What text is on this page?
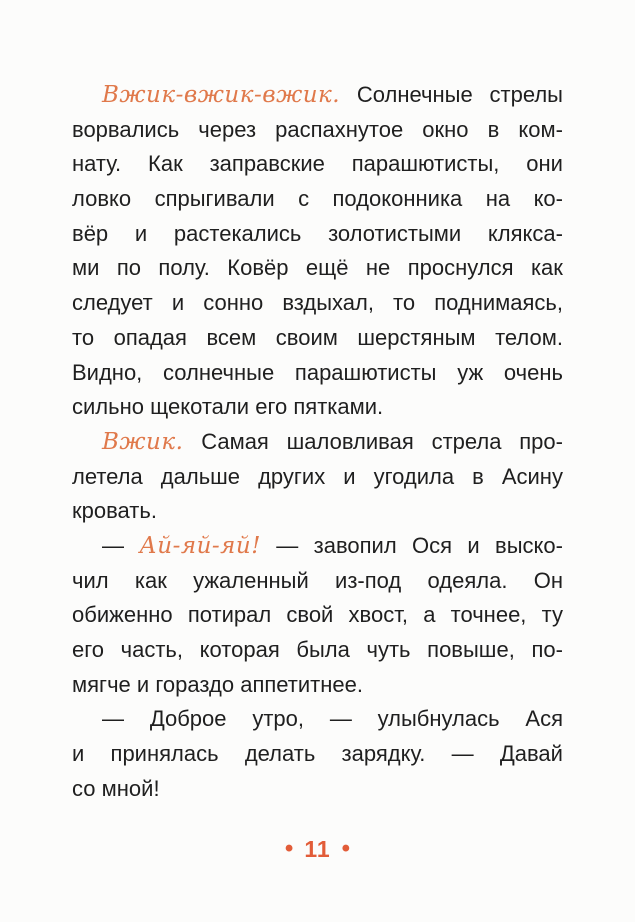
Вжик-вжик-вжик. Солнечные стрелы
ворвались через распахнутое окно в ком-
нату. Как заправские парашютисты, они
ловко спрыгивали с подоконника на ко-
вёр и растекались золотистыми клякса-
ми по полу. Ковёр ещё не проснулся как
следует и сонно вздыхал, то поднимаясь,
то опадая всем своим шерстяным телом.
Видно, солнечные парашютисты уж очень
сильно щекотали его пятками.
Вжик. Самая шаловливая стрела про-
летела дальше других и угодила в Асину
кровать.
— Ай-яй-яй! — завопил Ося и выско-
чил как ужаленный из-под одеяла. Он
обиженно потирал свой хвост, а точнее, ту
его часть, которая была чуть повыше, по-
мягче и гораздо аппетитнее.
— Доброе утро, — улыбнулась Ася
и принялась делать зарядку. — Давай
со мной!
• 11 •
